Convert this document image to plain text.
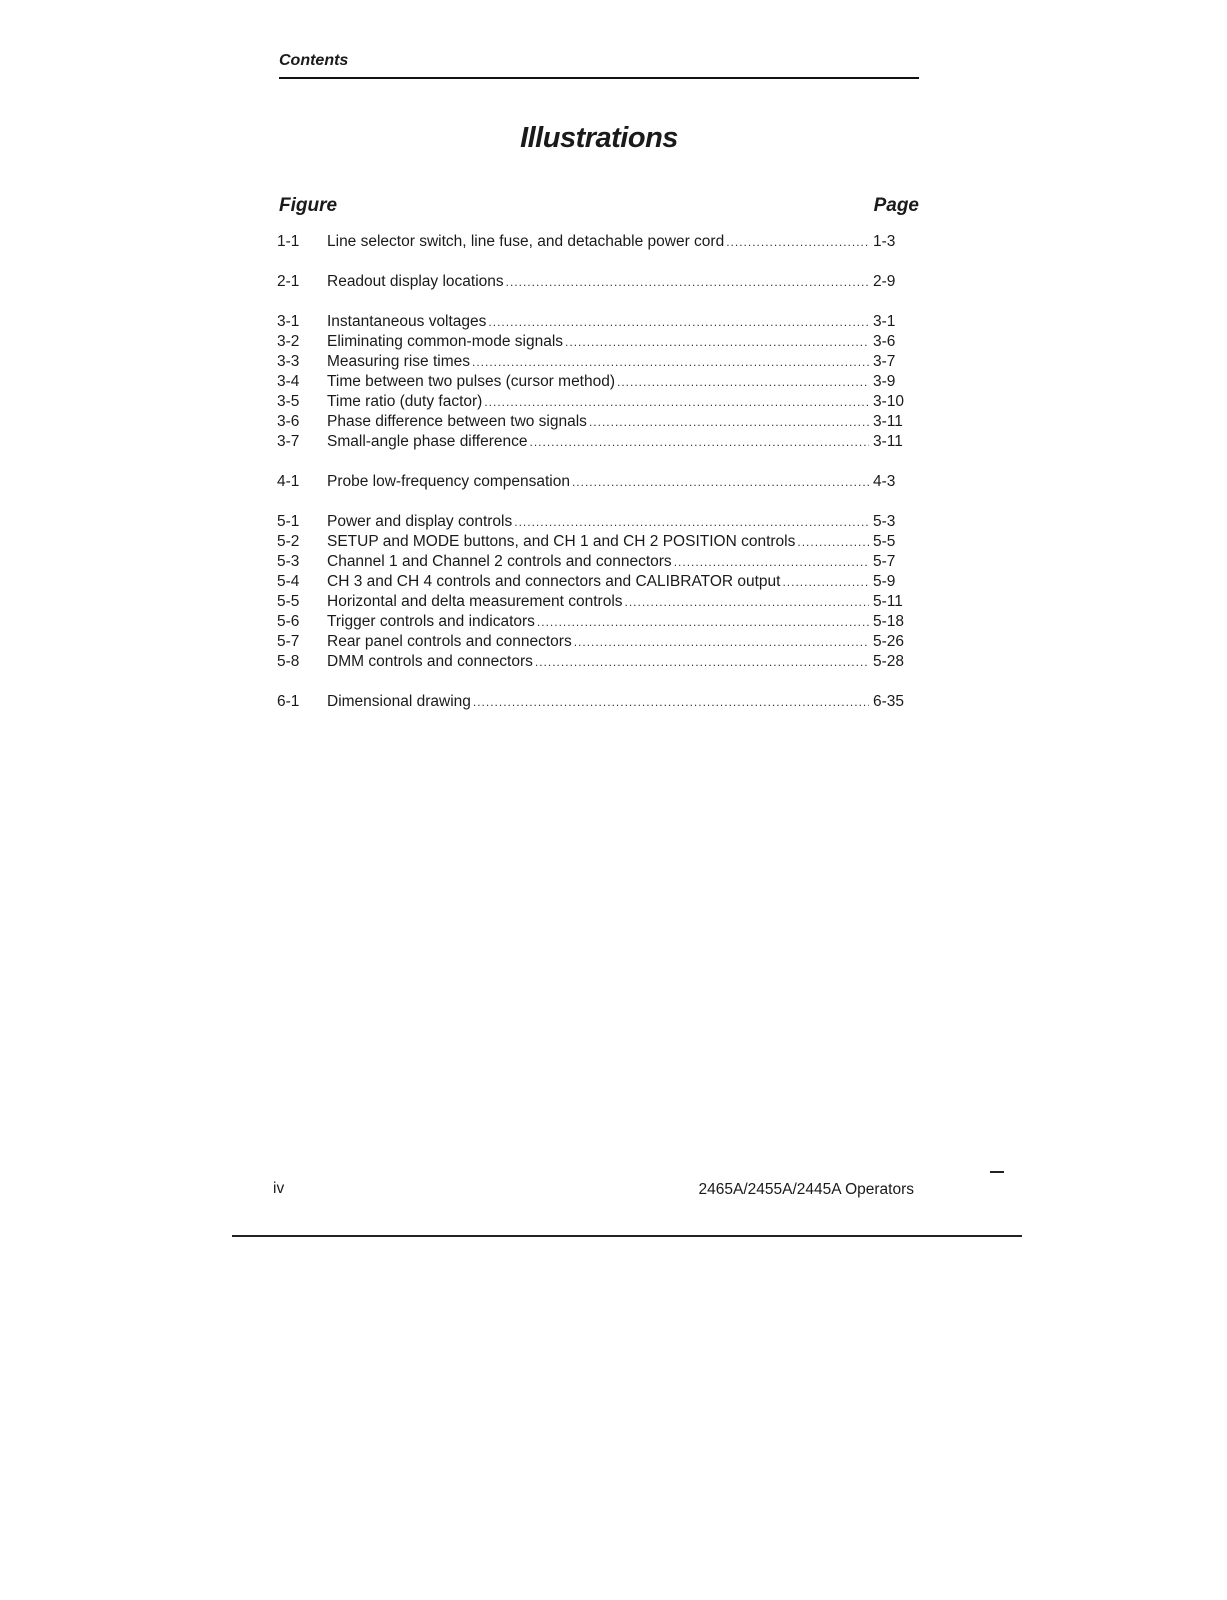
Contents
Illustrations
Figure	Page
1-1	Line selector switch, line fuse, and detachable power cord .....	1-3
2-1	Readout display locations .....	2-9
3-1	Instantaneous voltages .....	3-1
3-2	Eliminating common-mode signals .....	3-6
3-3	Measuring rise times .....	3-7
3-4	Time between two pulses (cursor method) .....	3-9
3-5	Time ratio (duty factor) .....	3-10
3-6	Phase difference between two signals .....	3-11
3-7	Small-angle phase difference .....	3-11
4-1	Probe low-frequency compensation .....	4-3
5-1	Power and display controls .....	5-3
5-2	SETUP and MODE buttons, and CH 1 and CH 2 POSITION controls .....	5-5
5-3	Channel 1 and Channel 2 controls and connectors .....	5-7
5-4	CH 3 and CH 4 controls and connectors and CALIBRATOR output .....	5-9
5-5	Horizontal and delta measurement controls .....	5-11
5-6	Trigger controls and indicators .....	5-18
5-7	Rear panel controls and connectors .....	5-26
5-8	DMM controls and connectors .....	5-28
6-1	Dimensional drawing .....	6-35
iv	2465A/2455A/2445A Operators
